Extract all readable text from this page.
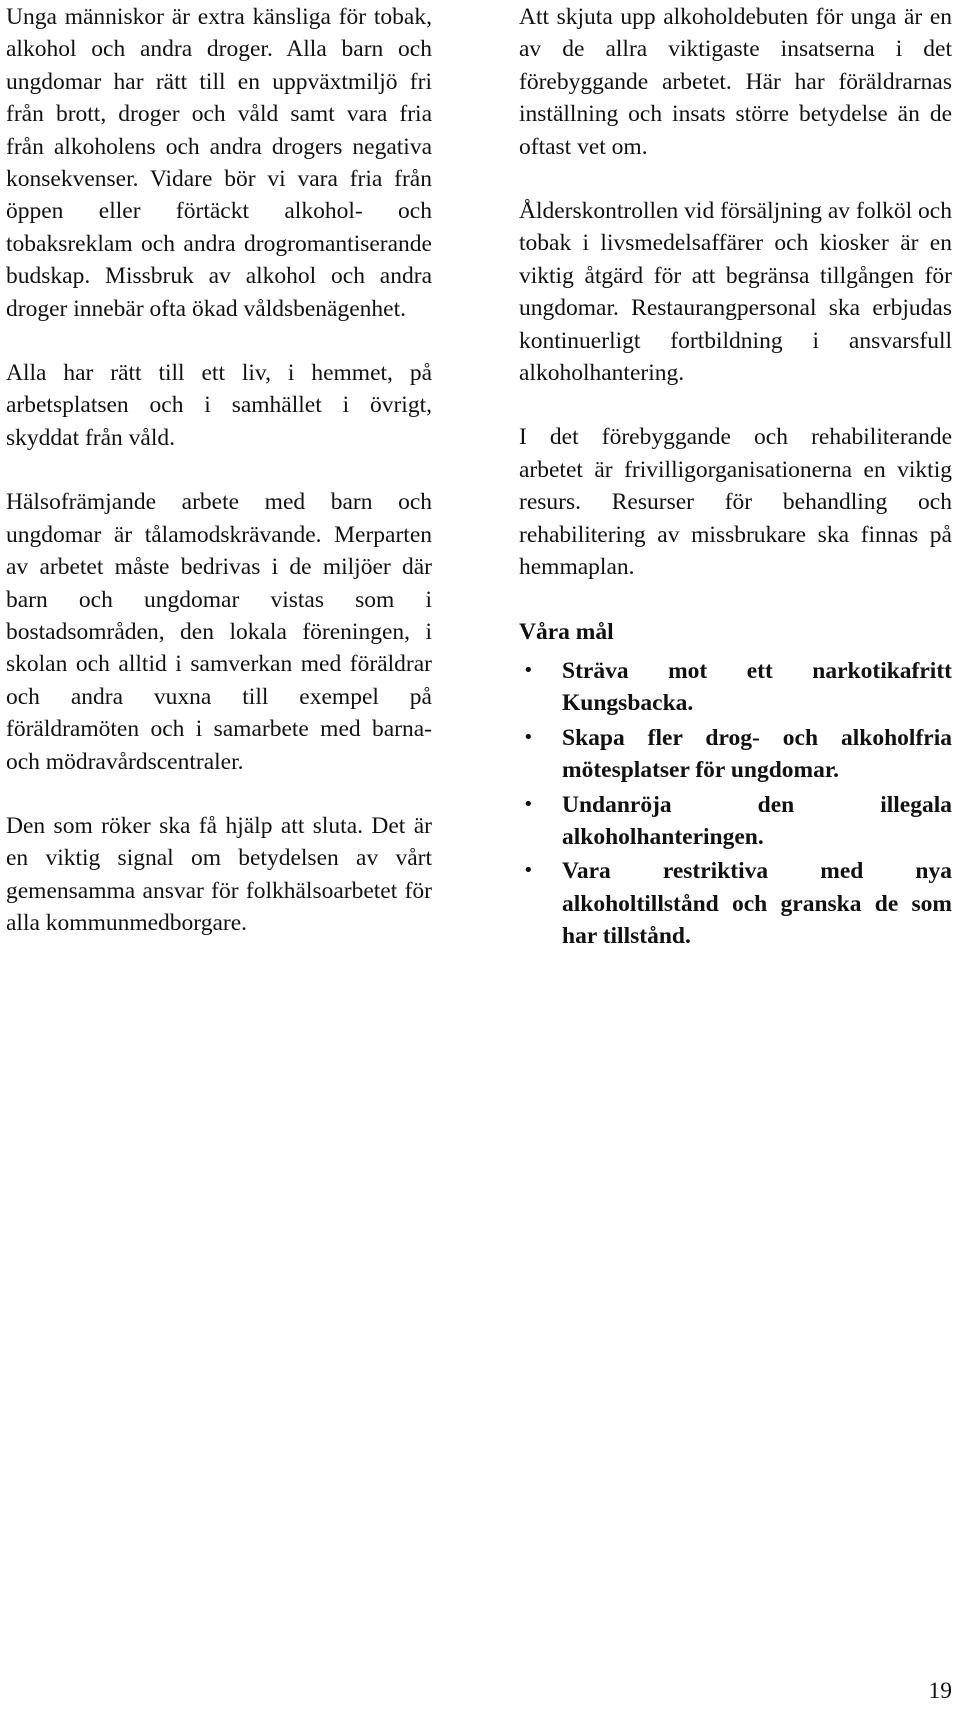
Unga människor är extra känsliga för tobak, alkohol och andra droger. Alla barn och ungdomar har rätt till en uppväxtmiljö fri från brott, droger och våld samt vara fria från alkoholens och andra drogers negativa konsekvenser. Vidare bör vi vara fria från öppen eller förtäckt alkohol- och tobaksreklam och andra drogromantiserande budskap. Missbruk av alkohol och andra droger innebär ofta ökad våldsbenägenhet.

Alla har rätt till ett liv, i hemmet, på arbetsplatsen och i samhället i övrigt, skyddat från våld.

Hälsofrämjande arbete med barn och ungdomar är tålamodskrävande. Merparten av arbetet måste bedrivas i de miljöer där barn och ungdomar vistas som i bostadsområden, den lokala föreningen, i skolan och alltid i samverkan med föräldrar och andra vuxna till exempel på föräldramöten och i samarbete med barna- och mödravårdscentraler.

Den som röker ska få hjälp att sluta. Det är en viktig signal om betydelsen av vårt gemensamma ansvar för folkhälsoarbetet för alla kommunmedborgare.

Att skjuta upp alkoholdebuten för unga är en av de allra viktigaste insatserna i det förebyggande arbetet. Här har föräldrarnas inställning och insats större betydelse än de oftast vet om.

Ålderskontrollen vid försäljning av folköl och tobak i livsmedelsaffärer och kiosker är en viktig åtgärd för att begränsa tillgången för ungdomar. Restaurangpersonal ska erbjudas kontinuerligt fortbildning i ansvarsfull alkoholhantering.

I det förebyggande och rehabiliterande arbetet är frivilligorganisationerna en viktig resurs. Resurser för behandling och rehabilitering av missbrukare ska finnas på hemmaplan.

Våra mål
• Sträva mot ett narkotikafritt Kungsbacka.
• Skapa fler drog- och alkoholfria mötesplatser för ungdomar.
• Undanröja den illegala alkoholhanteringen.
• Vara restriktiva med nya alkoholtillstånd och granska de som har tillstånd.
19
